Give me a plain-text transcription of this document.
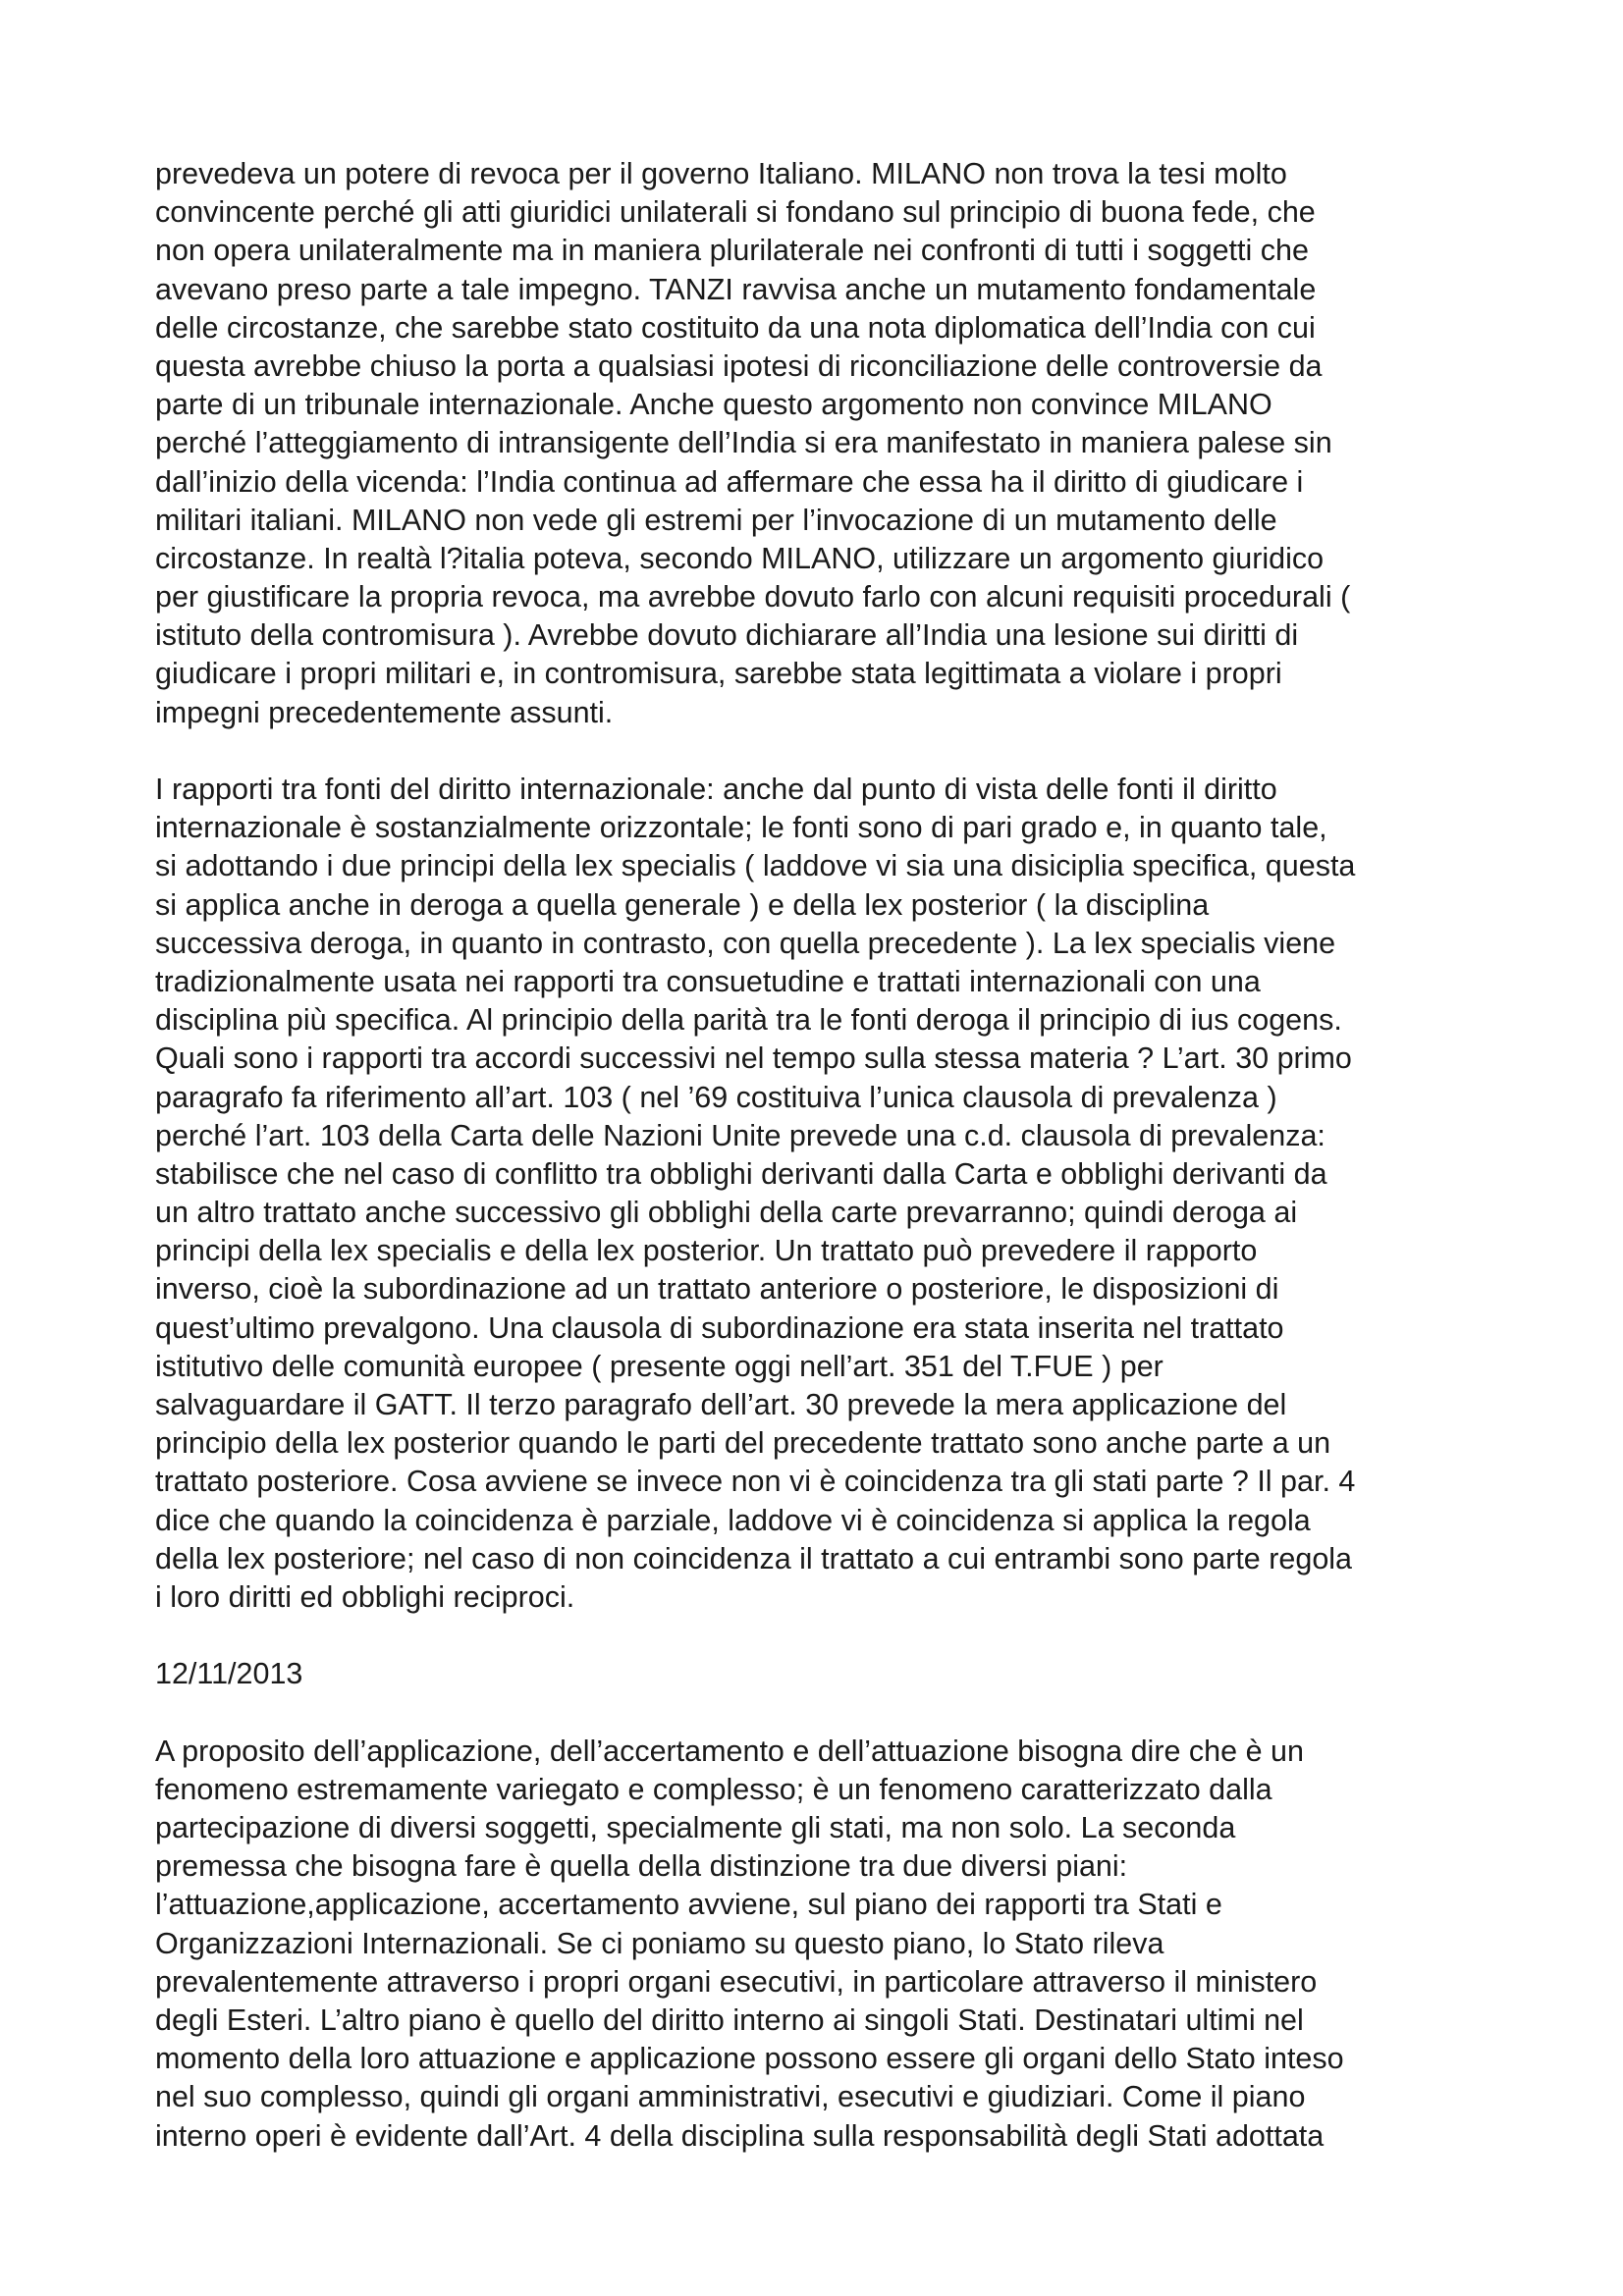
prevedeva un potere di revoca per il governo Italiano. MILANO non trova la tesi molto
convincente perché gli atti giuridici unilaterali si fondano sul principio di buona fede, che
non opera unilateralmente ma in maniera plurilaterale nei confronti di tutti i soggetti che
avevano preso parte a tale impegno. TANZI ravvisa anche un mutamento fondamentale
delle circostanze, che sarebbe stato costituito da una nota diplomatica dell’India con cui
questa avrebbe chiuso la porta a qualsiasi ipotesi di riconciliazione delle controversie da
parte di un tribunale internazionale. Anche questo argomento non convince MILANO
perché l’atteggiamento di intransigente dell’India si era manifestato in maniera palese sin
dall’inizio della vicenda: l’India continua ad affermare che essa ha il diritto di giudicare i
militari italiani. MILANO non vede gli estremi per l’invocazione di un mutamento delle
circostanze. In realtà l?italia poteva, secondo MILANO, utilizzare un argomento giuridico
per giustificare la propria revoca, ma avrebbe dovuto farlo con alcuni requisiti procedurali (
istituto della contromisura ). Avrebbe dovuto dichiarare all’India una lesione sui diritti di
giudicare i propri militari e, in contromisura, sarebbe stata legittimata a violare i propri
impegni precedentemente assunti.
I rapporti tra fonti del diritto internazionale: anche dal punto di vista delle fonti il diritto
internazionale è sostanzialmente orizzontale; le fonti sono di pari grado e, in quanto tale,
si adottando i due principi della lex specialis ( laddove vi sia una disiciplia specifica, questa
si applica anche in deroga a quella generale ) e della lex posterior ( la disciplina
successiva deroga, in quanto in contrasto, con quella precedente ). La lex specialis viene
tradizionalmente usata nei rapporti tra consuetudine e trattati internazionali con una
disciplina più specifica. Al principio della parità tra le fonti deroga il principio di ius cogens.
Quali sono i rapporti tra accordi successivi nel tempo sulla stessa materia ? L’art. 30 primo
paragrafo fa riferimento all’art. 103 ( nel ’69 costituiva l’unica clausola di prevalenza )
perché l’art. 103 della Carta delle Nazioni Unite prevede una c.d. clausola di prevalenza:
stabilisce che nel caso di conflitto tra obblighi derivanti dalla Carta e obblighi derivanti da
un altro trattato anche successivo gli obblighi della carte prevarranno; quindi deroga ai
principi della lex specialis e della lex posterior. Un trattato può prevedere il rapporto
inverso, cioè la subordinazione ad un trattato anteriore o posteriore, le disposizioni di
quest’ultimo prevalgono. Una clausola di subordinazione era stata inserita nel trattato
istitutivo delle comunità europee ( presente oggi nell’art. 351 del T.FUE ) per
salvaguardare il GATT. Il terzo paragrafo dell’art. 30 prevede la mera applicazione del
principio della lex posterior quando le parti del precedente trattato sono anche parte a un
trattato posteriore. Cosa avviene se invece non vi è coincidenza tra gli stati parte ? Il par. 4
dice che quando la coincidenza è parziale, laddove vi è coincidenza si applica la regola
della lex posteriore; nel caso di non coincidenza il trattato a cui entrambi sono parte regola
i loro diritti ed obblighi reciproci.
12/11/2013
A proposito dell’applicazione, dell’accertamento e dell’attuazione bisogna dire che è un
fenomeno estremamente variegato e complesso; è un fenomeno caratterizzato dalla
partecipazione di diversi soggetti, specialmente gli stati, ma non solo. La seconda
premessa che bisogna fare è quella della distinzione tra due diversi piani:
l’attuazione,applicazione, accertamento avviene, sul piano dei rapporti tra Stati e
Organizzazioni Internazionali. Se ci poniamo su questo piano, lo Stato rileva
prevalentemente attraverso i propri organi esecutivi, in particolare attraverso il ministero
degli Esteri. L’altro piano è quello del diritto interno ai singoli Stati. Destinatari ultimi nel
momento della loro attuazione e applicazione possono essere gli organi dello Stato inteso
nel suo complesso, quindi gli organi amministrativi, esecutivi e giudiziari. Come il piano
interno operi è evidente dall’Art. 4 della disciplina sulla responsabilità degli Stati adottata
